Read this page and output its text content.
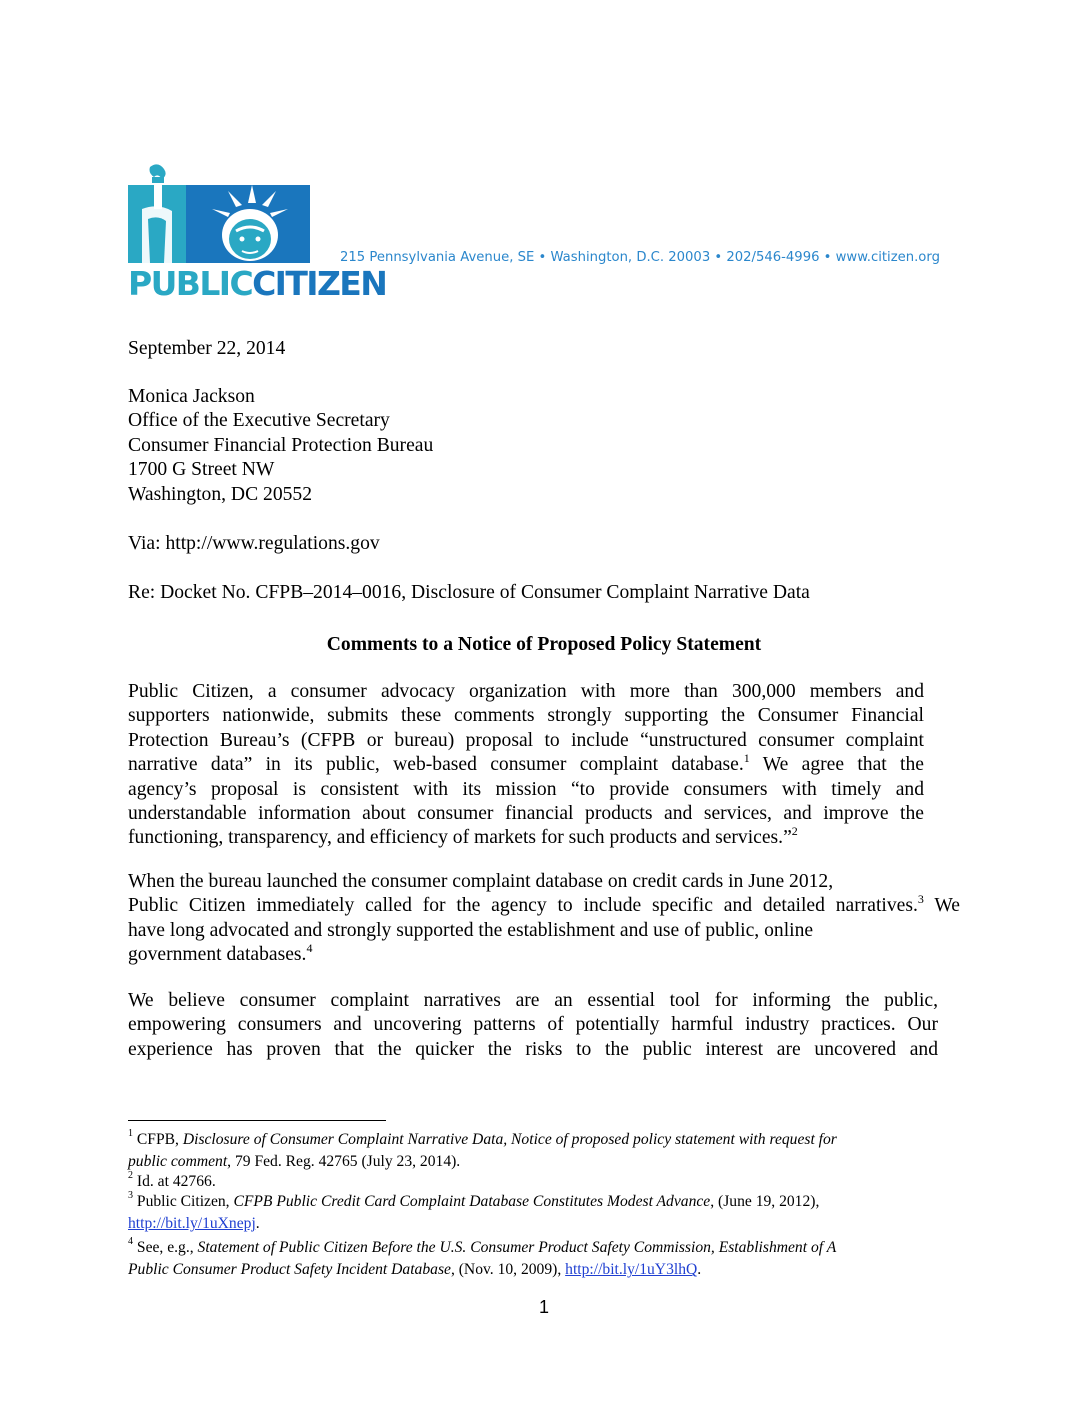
PUBLICCITIZEN
215 Pennsylvania Avenue, SE • Washington, D.C. 20003 • 202/546-4996 • www.citizen.org
September 22, 2014
Monica Jackson
Office of the Executive Secretary
Consumer Financial Protection Bureau
1700 G Street NW
Washington, DC 20552
Via: http://www.regulations.gov
Re: Docket No. CFPB–2014–0016, Disclosure of Consumer Complaint Narrative Data
Comments to a Notice of Proposed Policy Statement
Public Citizen, a consumer advocacy organization with more than 300,000 members and
supporters nationwide, submits these comments strongly supporting the Consumer Financial
Protection Bureau’s (CFPB or bureau) proposal to include “unstructured consumer complaint
narrative data” in its public, web-based consumer complaint database.$^1$ We agree that the
agency’s proposal is consistent with its mission “to provide consumers with timely and
understandable information about consumer financial products and services, and improve the
functioning, transparency, and efficiency of markets for such products and services.”$^2$
When the bureau launched the consumer complaint database on credit cards in June 2012,
Public Citizen immediately called for the agency to include specific and detailed narratives.$^3$ We
have long advocated and strongly supported the establishment and use of public, online
government databases.$^4$
We believe consumer complaint narratives are an essential tool for informing the public,
empowering consumers and uncovering patterns of potentially harmful industry practices. Our
experience has proven that the quicker the risks to the public interest are uncovered and
$^1$ CFPB, Disclosure of Consumer Complaint Narrative Data, Notice of proposed policy statement with request for
public comment, 79 Fed. Reg. 42765 (July 23, 2014).
$^2$ Id. at 42766.
$^3$ Public Citizen, CFPB Public Credit Card Complaint Database Constitutes Modest Advance, (June 19, 2012),
http://bit.ly/1uXnepj.
$^4$ See, e.g., Statement of Public Citizen Before the U.S. Consumer Product Safety Commission, Establishment of A
Public Consumer Product Safety Incident Database, (Nov. 10, 2009), http://bit.ly/1uY3lhQ.
1
